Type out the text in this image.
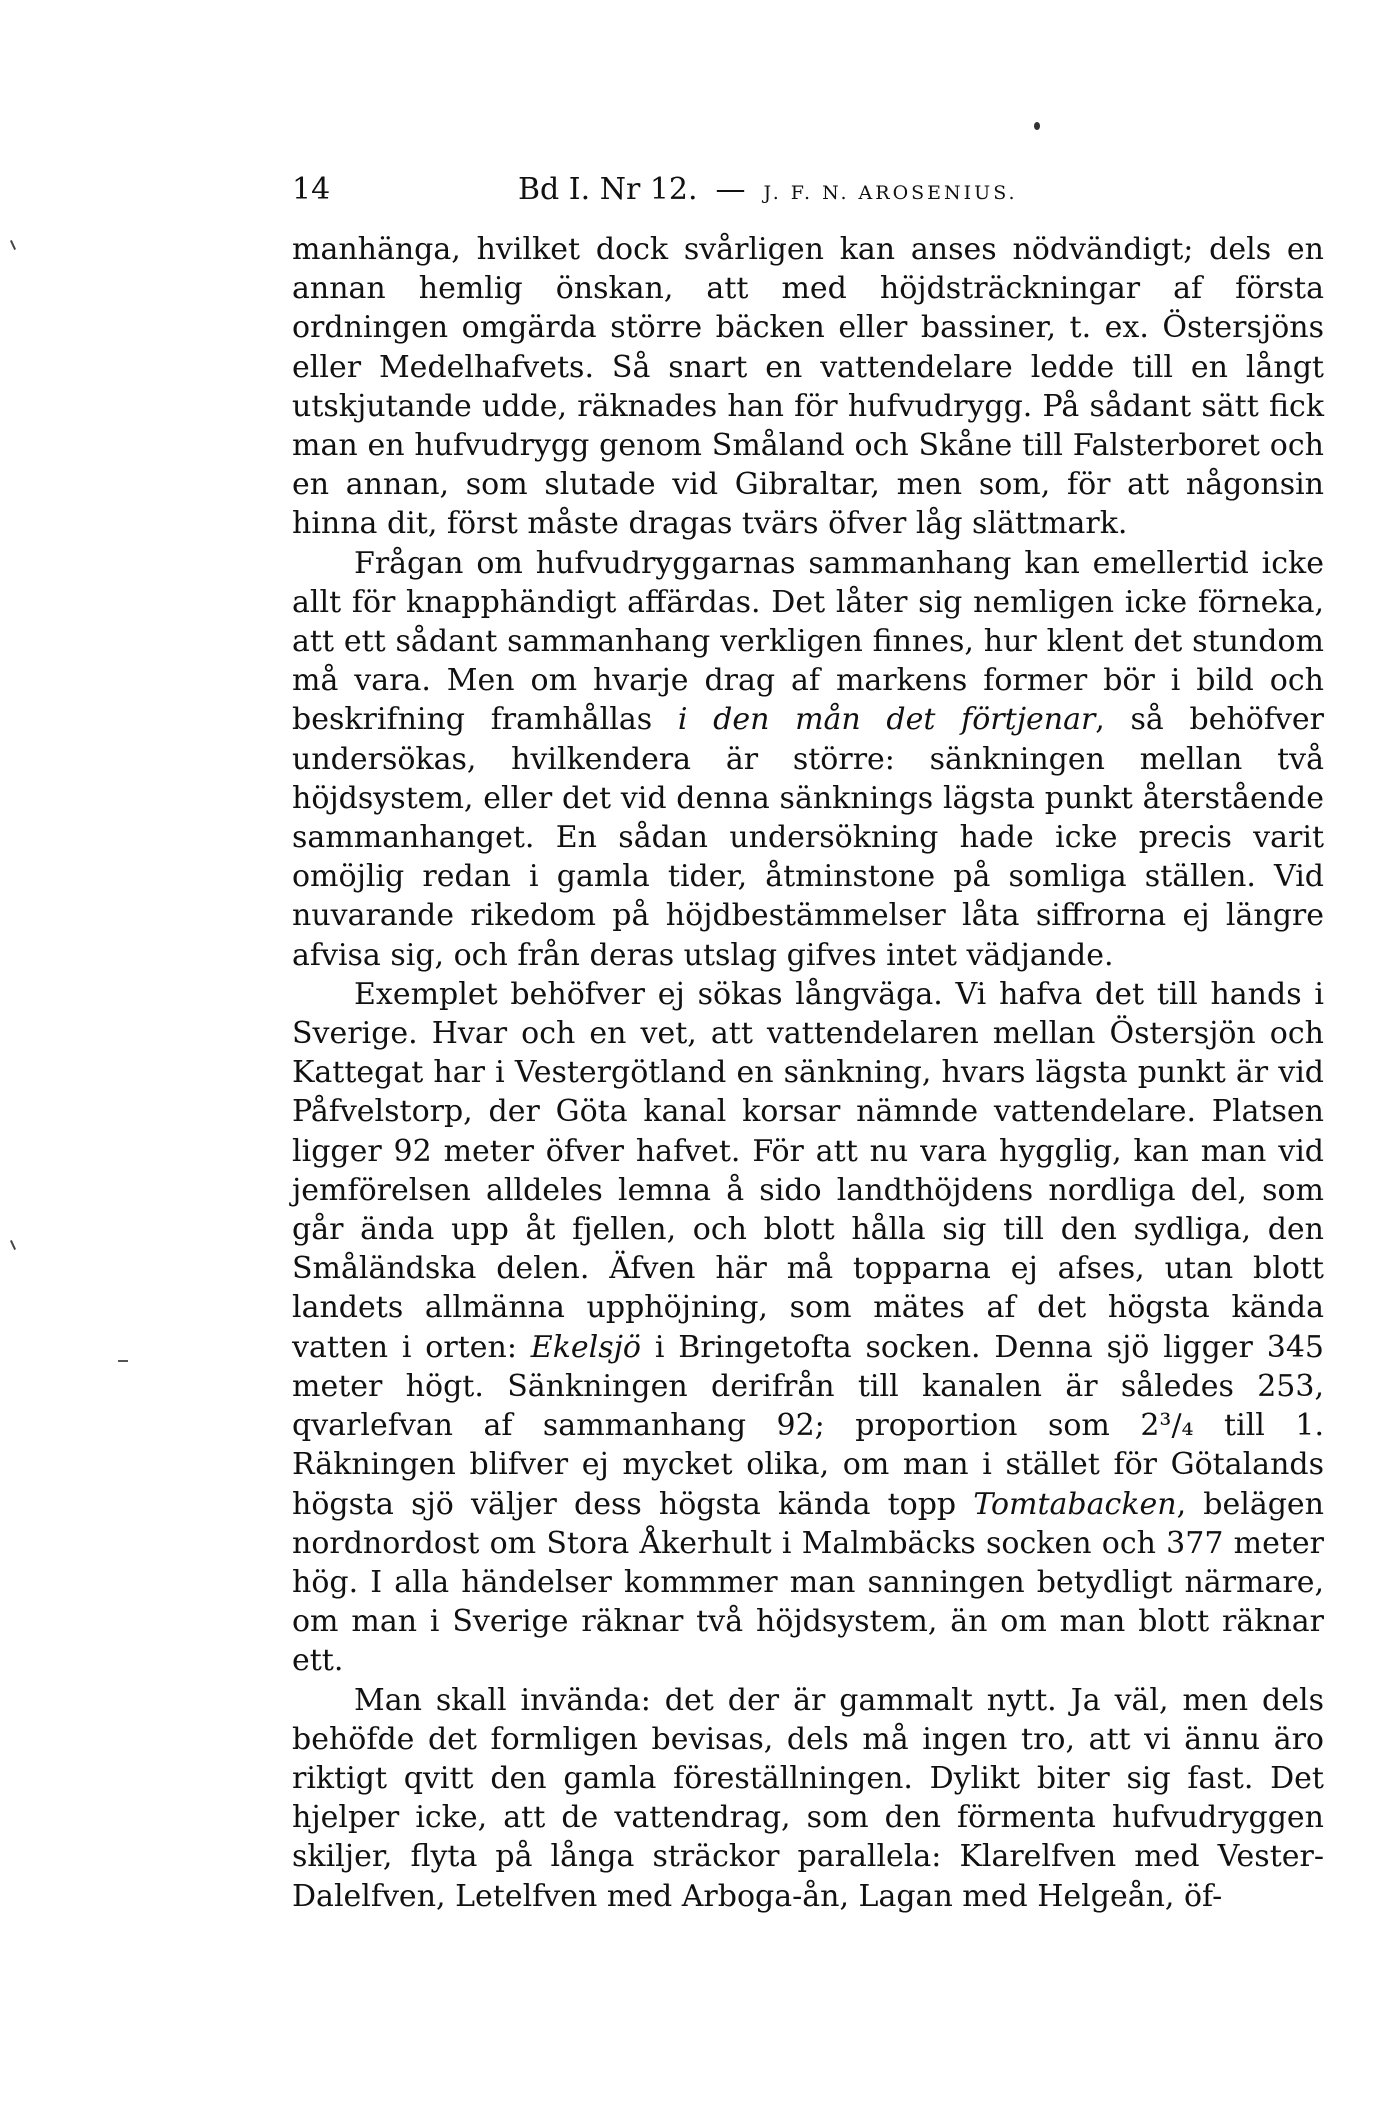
14	Bd I. Nr 12. — J. F. N. AROSENIUS.

manhänga, hvilket dock svårligen kan anses nödvändigt; dels en annan hemlig önskan, att med höjdsträckningar af första ordningen omgärda större bäcken eller bassiner, t. ex. Östersjöns eller Medelhafvets. Så snart en vattendelare ledde till en långt utskjutande udde, räknades han för hufvudrygg. På sådant sätt fick man en hufvudrygg genom Småland och Skåne till Falsterboret och en annan, som slutade vid Gibraltar, men som, för att någonsin hinna dit, först måste dragas tvärs öfver låg slättmark.

Frågan om hufvudryggarnas sammanhang kan emellertid icke allt för knapphändigt affärdas. Det låter sig nemligen icke förneka, att ett sådant sammanhang verkligen finnes, hur klent det stundom må vara. Men om hvarje drag af markens former bör i bild och beskrifning framhållas i den mån det förtjenar, så behöfver undersökas, hvilkendera är större: sänkningen mellan två höjdsystem, eller det vid denna sänknings lägsta punkt återstående sammanhanget. En sådan undersökning hade icke precis varit omöjlig redan i gamla tider, åtminstone på somliga ställen. Vid nuvarande rikedom på höjdbestämmelser låta siffrorna ej längre afvisa sig, och från deras utslag gifves intet vädjande.

Exemplet behöfver ej sökas långväga. Vi hafva det till hands i Sverige. Hvar och en vet, att vattendelaren mellan Östersjön och Kattegat har i Vestergötland en sänkning, hvars lägsta punkt är vid Påfvelstorp, der Göta kanal korsar nämnde vattendelare. Platsen ligger 92 meter öfver hafvet. För att nu vara hygglig, kan man vid jemförelsen alldeles lemna å sido landthöjdens nordliga del, som går ända upp åt fjellen, och blott hålla sig till den sydliga, den Småländska delen. Äfven här må topparna ej afses, utan blott landets allmänna upphöjning, som mätes af det högsta kända vatten i orten: Ekelsjö i Bringetofta socken. Denna sjö ligger 345 meter högt. Sänkningen derifrån till kanalen är således 253, qvarlefvan af sammanhang 92; proportion som 2³/₄ till 1. Räkningen blifver ej mycket olika, om man i stället för Götalands högsta sjö väljer dess högsta kända topp Tomtabacken, belägen nordnordost om Stora Åkerhult i Malmbäcks socken och 377 meter hög. I alla händelser kommmer man sanningen betydligt närmare, om man i Sverige räknar två höjdsystem, än om man blott räknar ett.

Man skall invända: det der är gammalt nytt. Ja väl, men dels behöfde det formligen bevisas, dels må ingen tro, att vi ännu äro riktigt qvitt den gamla föreställningen. Dylikt biter sig fast. Det hjelper icke, att de vattendrag, som den förmenta hufvudryggen skiljer, flyta på långa sträckor parallela: Klarelfven med Vester-Dalelfven, Letelfven med Arboga-ån, Lagan med Helgeån, öf-
